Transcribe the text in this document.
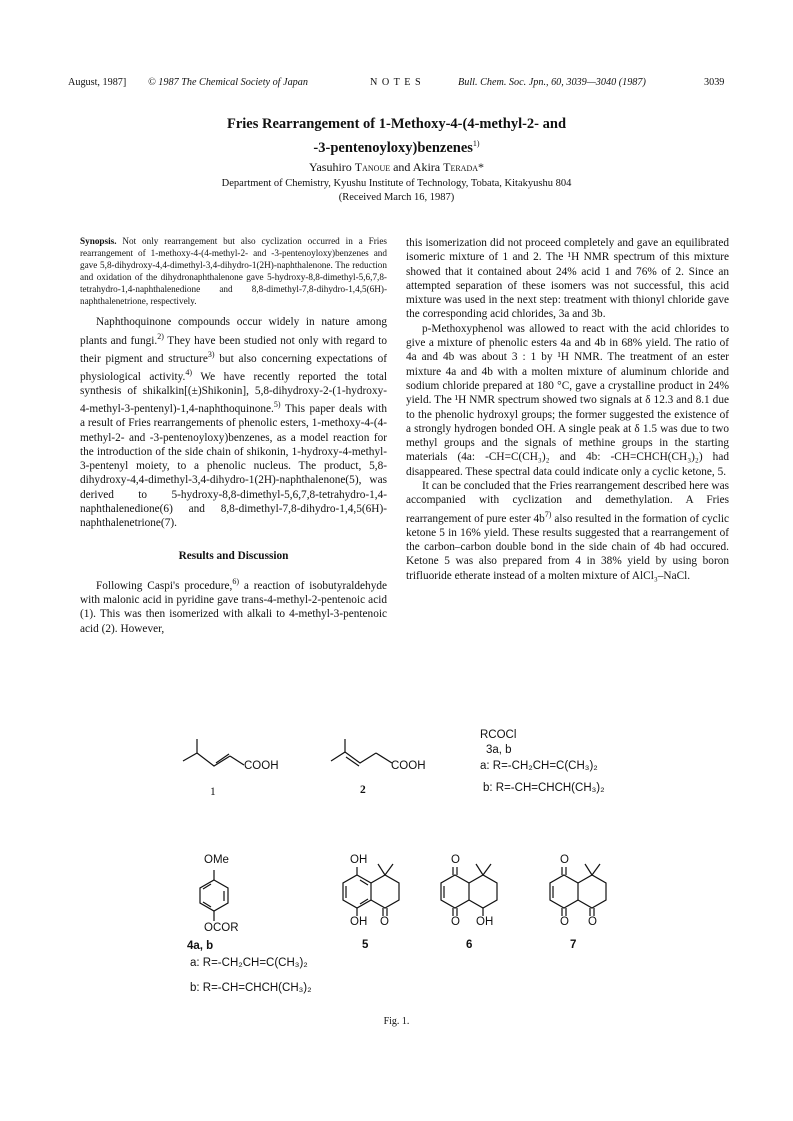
August, 1987] © 1987 The Chemical Society of Japan	N O T E S	Bull. Chem. Soc. Jpn., 60, 3039—3040 (1987)	3039
Fries Rearrangement of 1-Methoxy-4-(4-methyl-2- and
-3-pentenoyloxy)benzenes$^{1)}$
Yasuhiro Tanoue and Akira Terada*
Department of Chemistry, Kyushu Institute of Technology, Tobata, Kitakyushu 804
(Received March 16, 1987)

Synopsis. Not only rearrangement but also cyclization occurred in a Fries rearrangement of 1-methoxy-4-(4-methyl-2- and -3-pentenoyloxy)benzenes and gave 5,8-dihydroxy-4,4-dimethyl-3,4-dihydro-1(2H)-naphthalenone. The reduction and oxidation of the dihydronaphthalenone gave 5-hydroxy-8,8-dimethyl-5,6,7,8-tetrahydro-1,4-naphthalenedione and 8,8-dimethyl-7,8-dihydro-1,4,5(6H)-naphthalenetrione, respectively.

Naphthoquinone compounds occur widely in nature among plants and fungi.$^{2)}$ They have been studied not only with regard to their pigment and structure$^{3)}$ but also concerning expectations of physiological activity.$^{4)}$ We have recently reported the total synthesis of shikalkin[(±)Shikonin], 5,8-dihydroxy-2-(1-hydroxy-4-methyl-3-pentenyl)-1,4-naphthoquinone.$^{5)}$ This paper deals with a result of Fries rearrangements of phenolic esters, 1-methoxy-4-(4-methyl-2- and -3-pentenoyloxy)benzenes, as a model reaction for the introduction of the side chain of shikonin, 1-hydroxy-4-methyl-3-pentenyl moiety, to a phenolic nucleus. The product, 5,8-dihydroxy-4,4-dimethyl-3,4-dihydro-1(2H)-naphthalenone(5), was derived to 5-hydroxy-8,8-dimethyl-5,6,7,8-tetrahydro-1,4-naphthalenedione(6) and 8,8-dimethyl-7,8-dihydro-1,4,5(6H)-naphthalenetrione(7).

Results and Discussion

Following Caspi's procedure,$^{6)}$ a reaction of isobutyraldehyde with malonic acid in pyridine gave trans-4-methyl-2-pentenoic acid (1). This was then isomerized with alkali to 4-methyl-3-pentenoic acid (2). However,

this isomerization did not proceed completely and gave an equilibrated isomeric mixture of 1 and 2. The ¹H NMR spectrum of this mixture showed that it contained about 24% acid 1 and 76% of 2. Since an attempted separation of these isomers was not successful, this acid mixture was used in the next step: treatment with thionyl chloride gave the corresponding acid chlorides, 3a and 3b.

p-Methoxyphenol was allowed to react with the acid chlorides to give a mixture of phenolic esters 4a and 4b in 68% yield. The ratio of 4a and 4b was about 3 : 1 by ¹H NMR. The treatment of an ester mixture 4a and 4b with a molten mixture of aluminum chloride and sodium chloride prepared at 180 °C, gave a crystalline product in 24% yield. The ¹H NMR spectrum showed two signals at δ 12.3 and 8.1 due to the phenolic hydroxyl groups; the former suggested the existence of a strongly hydrogen bonded OH. A single peak at δ 1.5 was due to two methyl groups and the signals of methine groups in the starting materials (4a: -CH=C(CH₃)₂ and 4b: -CH=CHCH(CH₃)₂) had disappeared. These spectral data could indicate only a cyclic ketone, 5.

It can be concluded that the Fries rearrangement described here was accompanied with cyclization and demethylation. A Fries rearrangement of pure ester $4b^{7)}$ also resulted in the formation of cyclic ketone 5 in 16% yield. These results suggested that a rearrangement of the carbon–carbon double bond in the side chain of 4b had occured. Ketone 5 was also prepared from 4 in 38% yield by using boron trifluoride etherate instead of a molten mixture of AlCl₃–NaCl.

COOH
1
COOH
2
RCOCl
3a, b
a: R=-CH₂CH=C(CH₃)₂
b: R=-CH=CHCH(CH₃)₂
OMe
OCOR
4a, b
a: R=-CH₂CH=C(CH₃)₂
b: R=-CH=CHCH(CH₃)₂
OH
OH O
5
O
O OH
6
O
O O
7
Fig. 1.
